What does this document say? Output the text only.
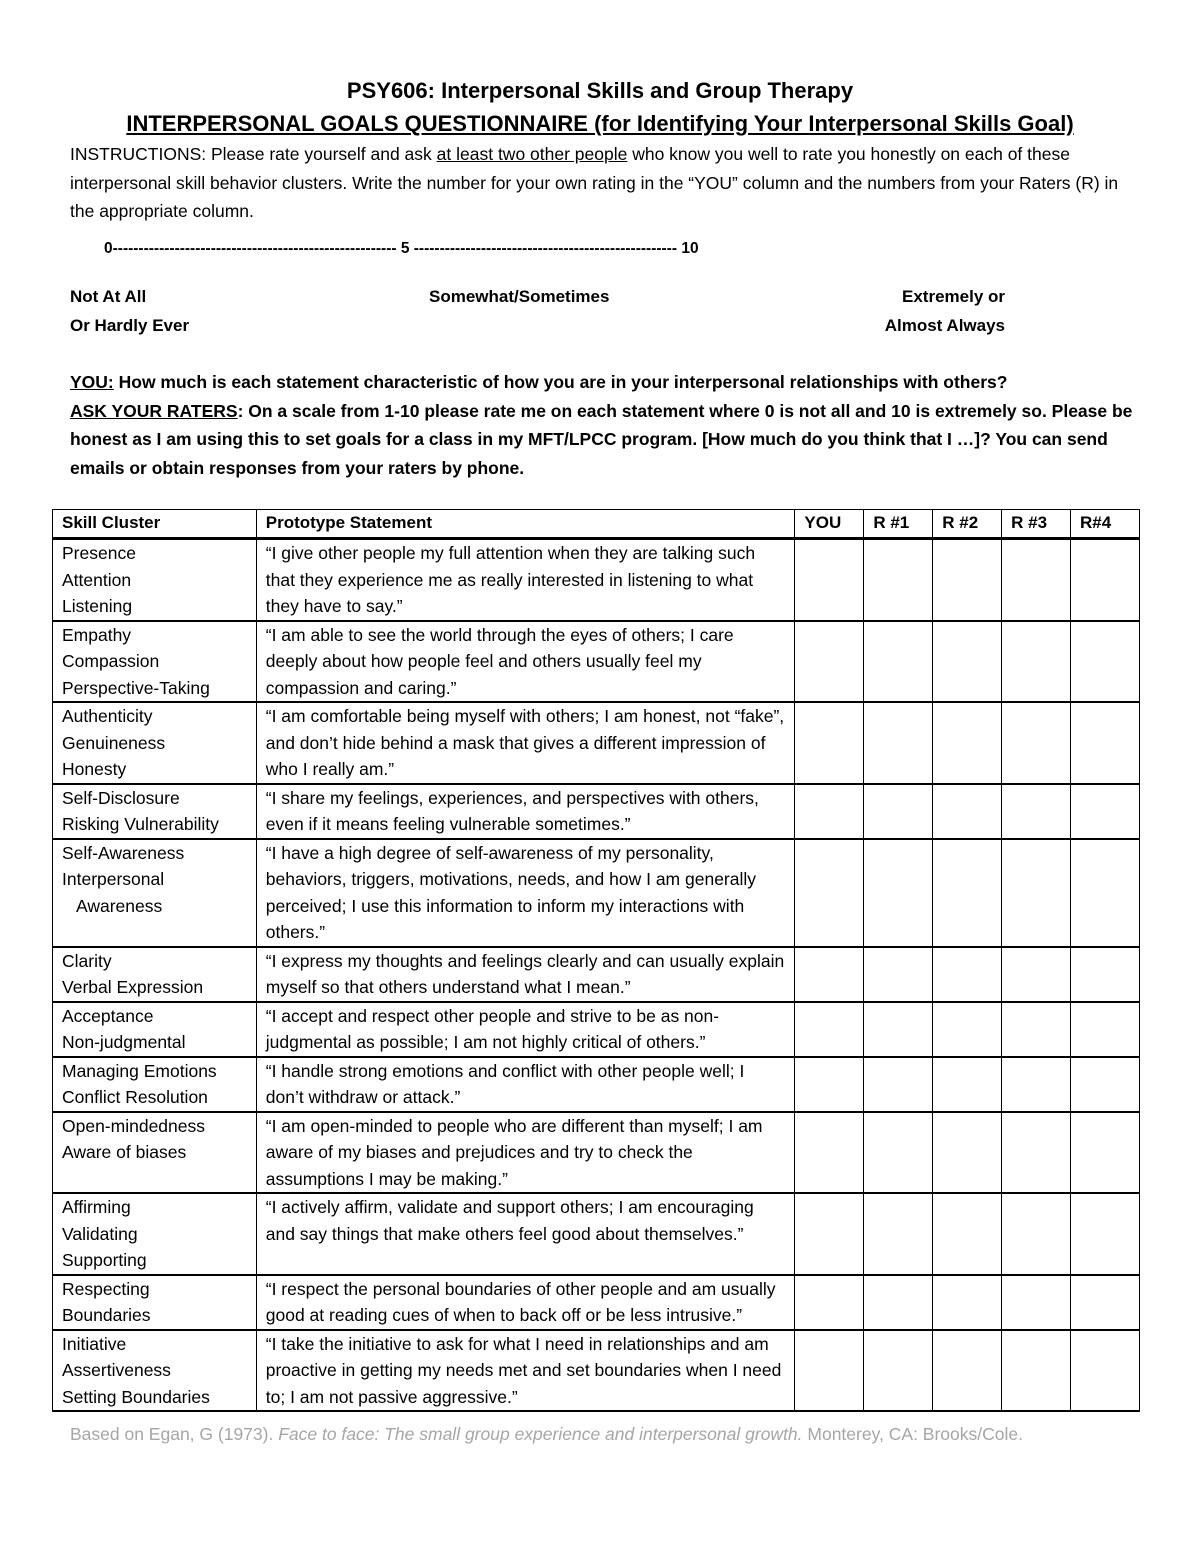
PSY606: Interpersonal Skills and Group Therapy
INTERPERSONAL GOALS QUESTIONNAIRE (for Identifying Your Interpersonal Skills Goal)
INSTRUCTIONS: Please rate yourself and ask at least two other people who know you well to rate you honestly on each of these interpersonal skill behavior clusters. Write the number for your own rating in the “YOU” column and the numbers from your Raters (R) in the appropriate column.
0------------------------------------------------------- 5 --------------------------------------------------- 10
Not At All
Or Hardly Ever
Somewhat/Sometimes	Extremely or
Almost Always
YOU: How much is each statement characteristic of how you are in your interpersonal relationships with others?
ASK YOUR RATERS: On a scale from 1-10 please rate me on each statement where 0 is not all and 10 is extremely so. Please be honest as I am using this to set goals for a class in my MFT/LPCC program. [How much do you think that I …]? You can send emails or obtain responses from your raters by phone.
Skill Cluster	Prototype Statement	YOU	R #1	R #2	R #3	R#4

Presence
Attention
Listening	“I give other people my full attention when they are talking such that they experience me as really interested in listening to what they have to say.”					

Empathy
Compassion
Perspective-Taking	“I am able to see the world through the eyes of others; I care deeply about how people feel and others usually feel my compassion and caring.”					

Authenticity
Genuineness
Honesty	“I am comfortable being myself with others; I am honest, not “fake”, and don’t hide behind a mask that gives a different impression of who I really am.”					

Self-Disclosure
Risking Vulnerability	“I share my feelings, experiences, and perspectives with others, even if it means feeling vulnerable sometimes.”					

Self-Awareness
Interpersonal
Awareness	“I have a high degree of self-awareness of my personality, behaviors, triggers, motivations, needs, and how I am generally perceived; I use this information to inform my interactions with others.”					

Clarity
Verbal Expression	“I express my thoughts and feelings clearly and can usually explain myself so that others understand what I mean.”					

Acceptance
Non-judgmental	“I accept and respect other people and strive to be as non-judgmental as possible; I am not highly critical of others.”					

Managing Emotions
Conflict Resolution	“I handle strong emotions and conflict with other people well; I don’t withdraw or attack.”					

Open-mindedness
Aware of biases	“I am open-minded to people who are different than myself; I am aware of my biases and prejudices and try to check the assumptions I may be making.”					

Affirming
Validating
Supporting	“I actively affirm, validate and support others; I am encouraging and say things that make others feel good about themselves.”					

Respecting
Boundaries	“I respect the personal boundaries of other people and am usually good at reading cues of when to back off or be less intrusive.”					

Initiative
Assertiveness
Setting Boundaries	“I take the initiative to ask for what I need in relationships and am proactive in getting my needs met and set boundaries when I need to; I am not passive aggressive.”					
Based on Egan, G (1973). Face to face: The small group experience and interpersonal growth. Monterey, CA: Brooks/Cole.
